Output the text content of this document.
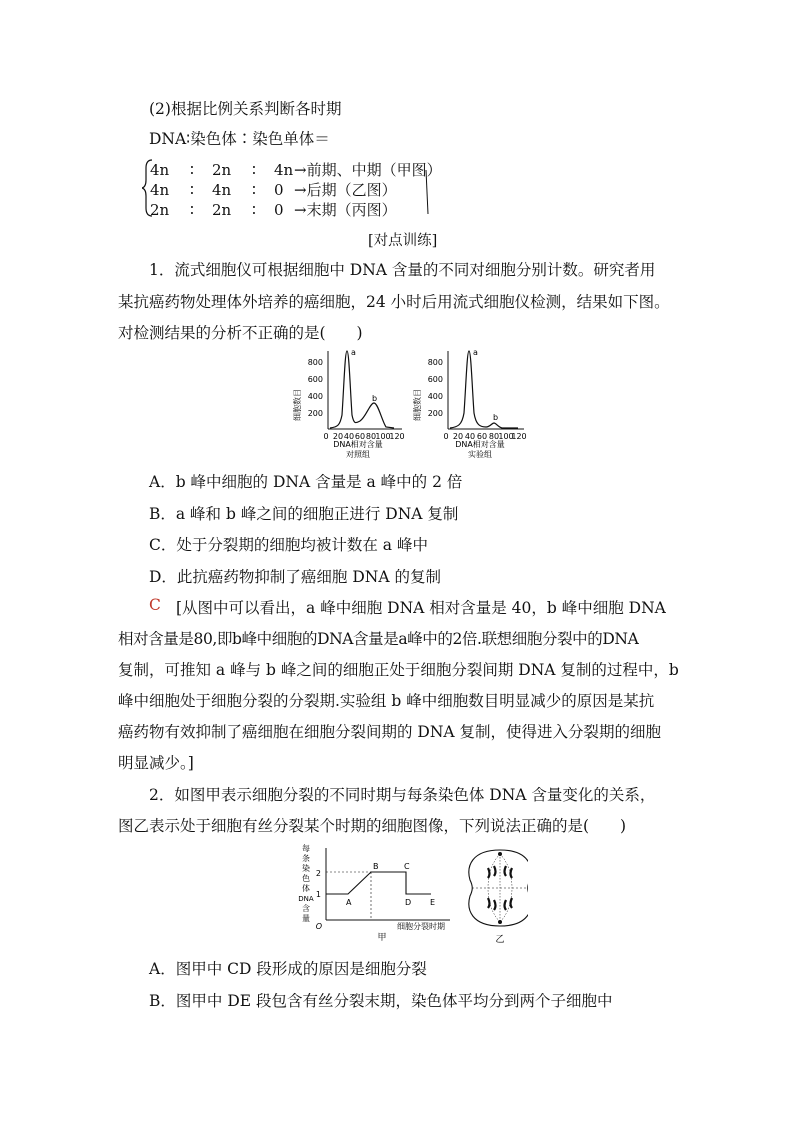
(2)根据比例关系判断各时期
DNA∶染色体∶染色单体＝
4n ∶ 2n ∶ 4n→前期、中期（甲图）
4n ∶ 4n ∶ 0 →后期（乙图）
2n ∶ 2n ∶ 0 →末期（丙图）
[对点训练]
1．流式细胞仪可根据细胞中 DNA 含量的不同对细胞分别计数。研究者用
某抗癌药物处理体外培养的癌细胞，24 小时后用流式细胞仪检测，结果如下图。
对检测结果的分析不正确的是(　　)
细胞数目
800
600
400
200
0 20 40 60 80 100
120
a
b
DNA相对含量
对照组
细胞数目
800
600
400
200
0 20 40 60 80 100
120
a
b
DNA相对含量
实验组
A．b 峰中细胞的 DNA 含量是 a 峰中的 2 倍
B．a 峰和 b 峰之间的细胞正进行 DNA 复制
C．处于分裂期的细胞均被计数在 a 峰中
D．此抗癌药物抑制了癌细胞 DNA 的复制
C [从图中可以看出，a 峰中细胞 DNA 相对含量是 40，b 峰中细胞 DNA
相对含量是80,即b峰中细胞的DNA含量是a峰中的2倍.联想细胞分裂中的DNA
复制，可推知 a 峰与 b 峰之间的细胞正处于细胞分裂间期 DNA 复制的过程中，b
峰中细胞处于细胞分裂的分裂期.实验组 b 峰中细胞数目明显减少的原因是某抗
癌药物有效抑制了癌细胞在细胞分裂间期的 DNA 复制，使得进入分裂期的细胞
明显减少。]
2．如图甲表示细胞分裂的不同时期与每条染色体 DNA 含量变化的关系，
图乙表示处于细胞有丝分裂某个时期的细胞图像，下列说法正确的是(　　)
每
条
染
色
体
DNA
含
量
2
1
O
A
B	C
D E
细胞分裂时期
甲	乙
A．图甲中 CD 段形成的原因是细胞分裂
B．图甲中 DE 段包含有丝分裂末期，染色体平均分到两个子细胞中
